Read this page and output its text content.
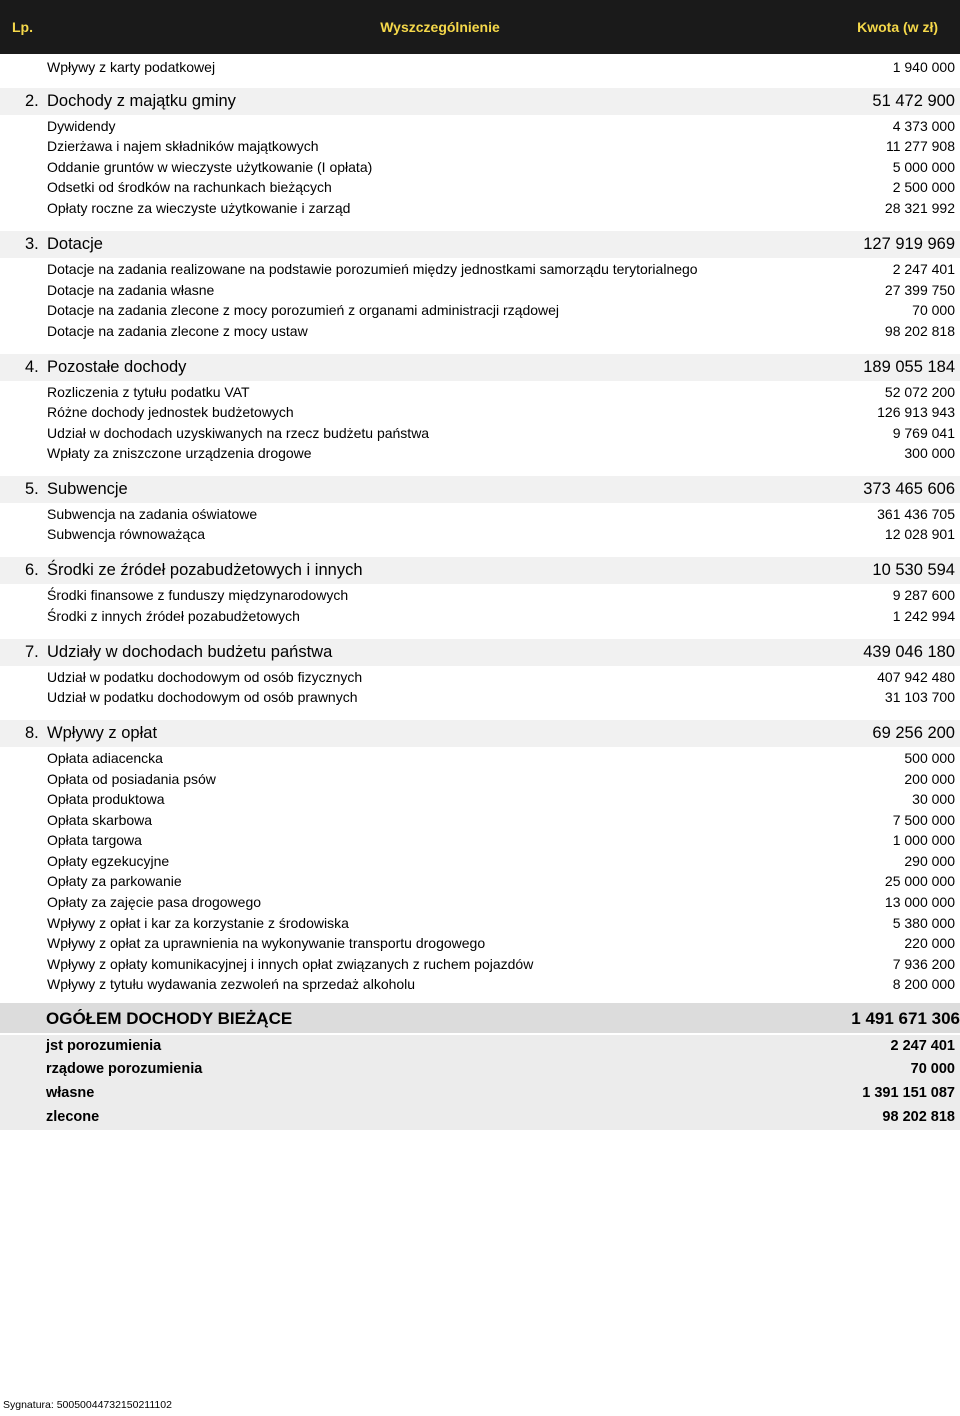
Lp.	Wyszczególnienie	Kwota (w zł)
Wpływy z karty podatkowej	1 940 000
2. Dochody z majątku gminy	51 472 900
Dywidendy	4 373 000
Dzierżawa i najem składników majątkowych	11 277 908
Oddanie gruntów w wieczyste użytkowanie (I opłata)	5 000 000
Odsetki od środków na rachunkach bieżących	2 500 000
Opłaty roczne za wieczyste użytkowanie i zarząd	28 321 992
3. Dotacje	127 919 969
Dotacje na zadania realizowane na podstawie porozumień między jednostkami samorządu terytorialnego	2 247 401
Dotacje na zadania własne	27 399 750
Dotacje na zadania zlecone z mocy porozumień z organami administracji rządowej	70 000
Dotacje na zadania zlecone z mocy ustaw	98 202 818
4. Pozostałe dochody	189 055 184
Rozliczenia z tytułu podatku VAT	52 072 200
Różne dochody jednostek budżetowych	126 913 943
Udział w dochodach uzyskiwanych na rzecz budżetu państwa	9 769 041
Wpłaty za zniszczone urządzenia drogowe	300 000
5. Subwencje	373 465 606
Subwencja na zadania oświatowe	361 436 705
Subwencja równoważąca	12 028 901
6. Środki ze źródeł pozabudżetowych i innych	10 530 594
Środki finansowe z funduszy międzynarodowych	9 287 600
Środki z innych źródeł pozabudżetowych	1 242 994
7. Udziały w dochodach budżetu państwa	439 046 180
Udział w podatku dochodowym od osób fizycznych	407 942 480
Udział w podatku dochodowym od osób prawnych	31 103 700
8. Wpływy z opłat	69 256 200
Opłata adiacencka	500 000
Opłata od posiadania psów	200 000
Opłata produktowa	30 000
Opłata skarbowa	7 500 000
Opłata targowa	1 000 000
Opłaty egzekucyjne	290 000
Opłaty za parkowanie	25 000 000
Opłaty za zajęcie pasa drogowego	13 000 000
Wpływy z opłat i kar za korzystanie z środowiska	5 380 000
Wpływy z opłat za uprawnienia na wykonywanie transportu drogowego	220 000
Wpływy z opłaty komunikacyjnej i innych opłat związanych z ruchem pojazdów	7 936 200
Wpływy z tytułu wydawania zezwoleń na sprzedaż alkoholu	8 200 000
OGÓŁEM DOCHODY BIEŻĄCE	1 491 671 306
jst porozumienia	2 247 401
rządowe porozumienia	70 000
własne	1 391 151 087
zlecone	98 202 818
Sygnatura: 50050044732150211102
